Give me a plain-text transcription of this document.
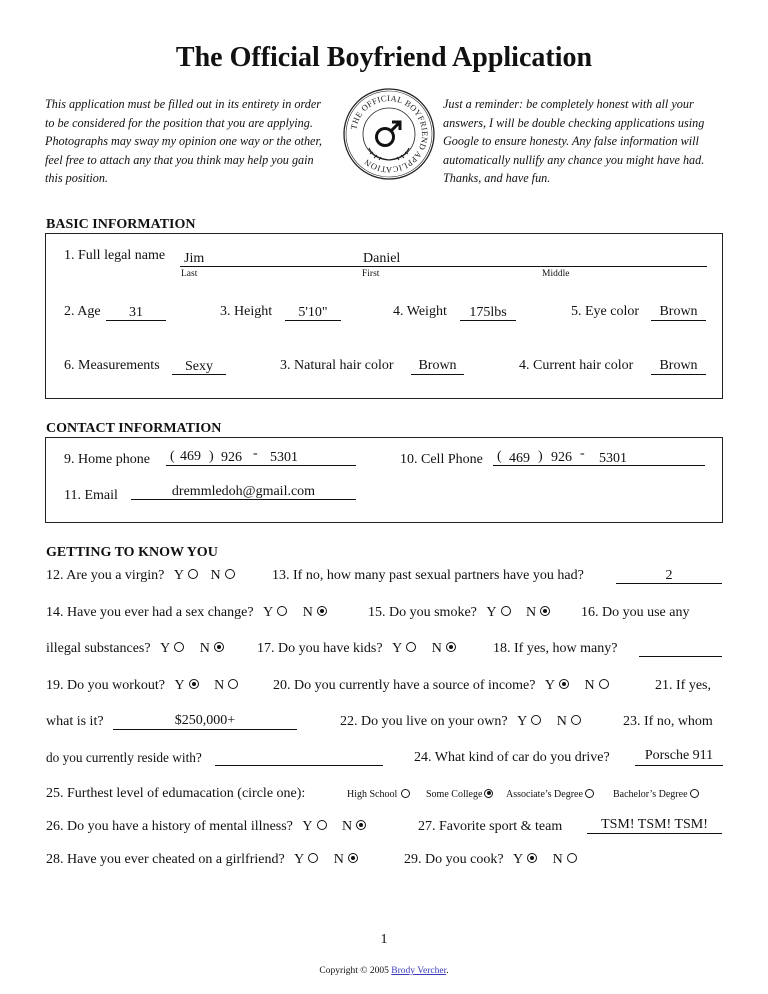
The Official Boyfriend Application
This application must be filled out in its entirety in order to be considered for the position that you are applying. Photographs may sway my opinion one way or the other, feel free to attach any that you think may help you gain this position.
Just a reminder: be completely honest with all your answers, I will be double checking applications using Google to ensure honesty. Any false information will automatically nullify any chance you might have had. Thanks, and have fun.
THE OFFICIAL BOYFRIEND APPLICATION
BASIC INFORMATION
1. Full legal name Jim	Daniel
Last	First	Middle
2. Age	31	3. Height	5'10"	4. Weight	175lbs	5. Eye color	Brown
6. Measurements	Sexy	3. Natural hair color	Brown	4. Current hair color	Brown
CONTACT INFORMATION
9. Home phone ( 469 ) 926 - 5301	10. Cell Phone ( 469 ) 926 - 5301
11. Email	dremmledoh@gmail.com
GETTING TO KNOW YOU
12. Are you a virgin? Y N	13. If no, how many past sexual partners have you had?	2
14. Have you ever had a sex change? Y N	15. Do you smoke? Y N	16. Do you use any
illegal substances? Y N	17. Do you have kids? Y N	18. If yes, how many?
19. Do you workout? Y N	20. Do you currently have a source of income? Y N	21. If yes,
what is it?	$250,000+	22. Do you live on your own? Y N	23. If no, whom
do you currently reside with?	24. What kind of car do you drive?	Porsche 911
25. Furthest level of edumacation (circle one):	High School	Some College	Associate’s Degree	Bachelor’s Degree
26. Do you have a history of mental illness? Y N	27. Favorite sport & team	TSM! TSM! TSM!
28. Have you ever cheated on a girlfriend? Y N	29. Do you cook? Y N
1
Copyright © 2005 Brody Vercher.
